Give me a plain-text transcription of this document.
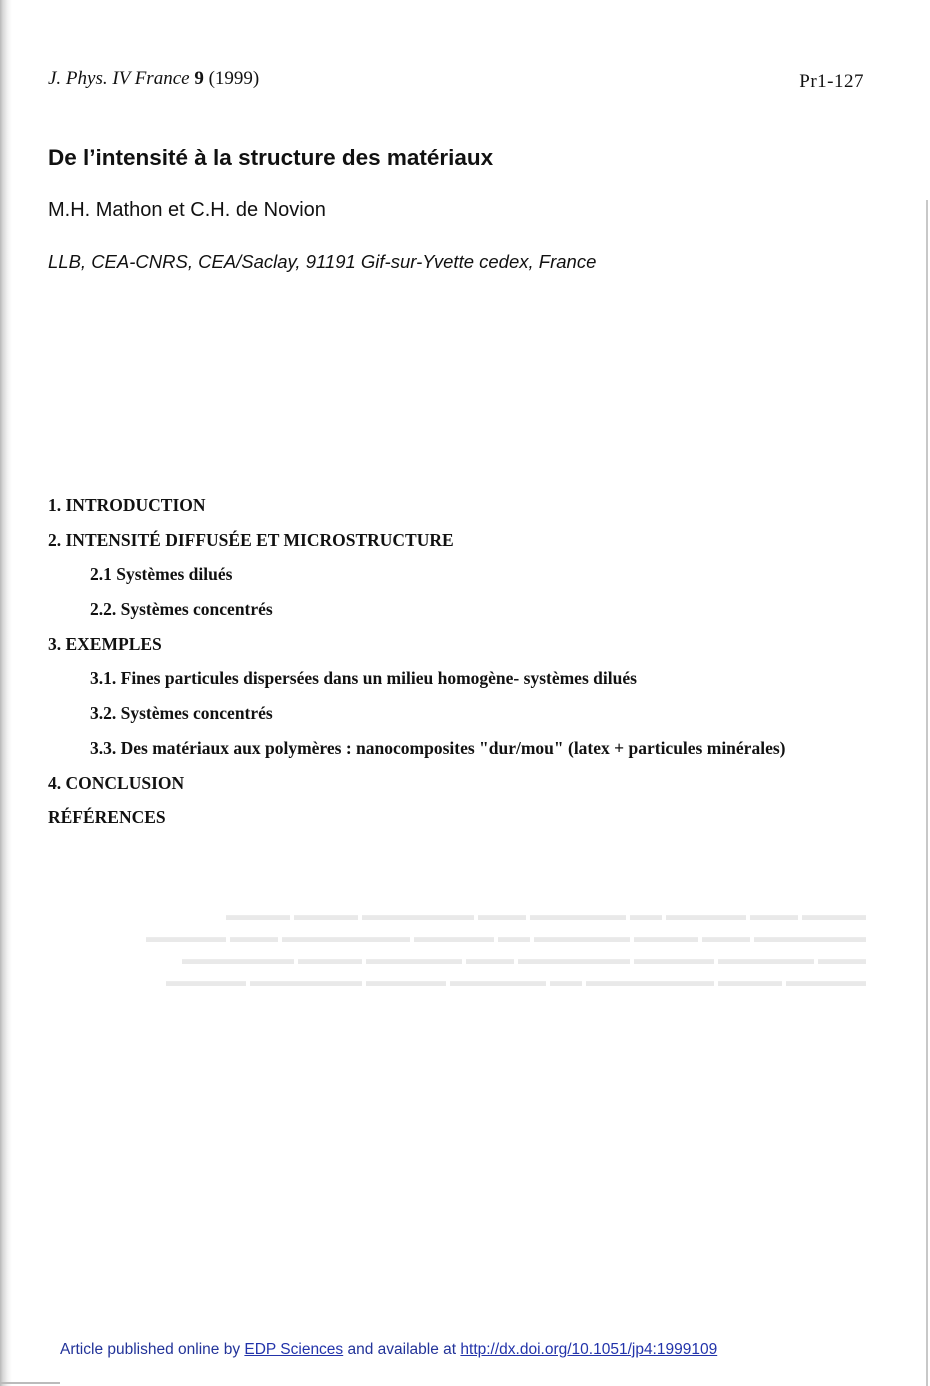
J. Phys. IV France 9 (1999)	Pr1-127
De l’intensité à la structure des matériaux
M.H. Mathon et C.H. de Novion
LLB, CEA-CNRS, CEA/Saclay, 91191 Gif-sur-Yvette cedex, France
1. INTRODUCTION
2. INTENSITÉ DIFFUSÉE ET MICROSTRUCTURE
2.1 Systèmes dilués
2.2. Systèmes concentrés
3. EXEMPLES
3.1. Fines particules dispersées dans un milieu homogène- systèmes dilués
3.2. Systèmes concentrés
3.3. Des matériaux aux polymères : nanocomposites "dur/mou" (latex + particules minérales)
4. CONCLUSION
RÉFÉRENCES

▬▬▬▬ ▬▬▬ ▬▬▬▬▬ ▬▬ ▬▬▬▬▬▬ ▬▬▬ ▬▬▬▬▬▬▬ ▬▬▬▬ ▬▬▬▬

▬▬▬▬▬▬▬ ▬▬▬ ▬▬▬▬ ▬▬▬▬▬▬ ▬▬ ▬▬▬▬▬ ▬▬▬▬▬▬▬▬ ▬▬▬ ▬▬▬▬▬

▬▬▬ ▬▬▬▬▬▬ ▬▬▬▬▬ ▬▬▬▬▬▬▬ ▬▬▬ ▬▬▬▬▬▬ ▬▬▬▬ ▬▬▬▬▬▬▬

▬▬▬▬▬ ▬▬▬▬ ▬▬▬▬▬▬▬▬ ▬▬ ▬▬▬▬▬▬ ▬▬▬▬▬ ▬▬▬▬▬▬▬ ▬▬▬▬▬

Article published online by EDP Sciences and available at http://dx.doi.org/10.1051/jp4:1999109
